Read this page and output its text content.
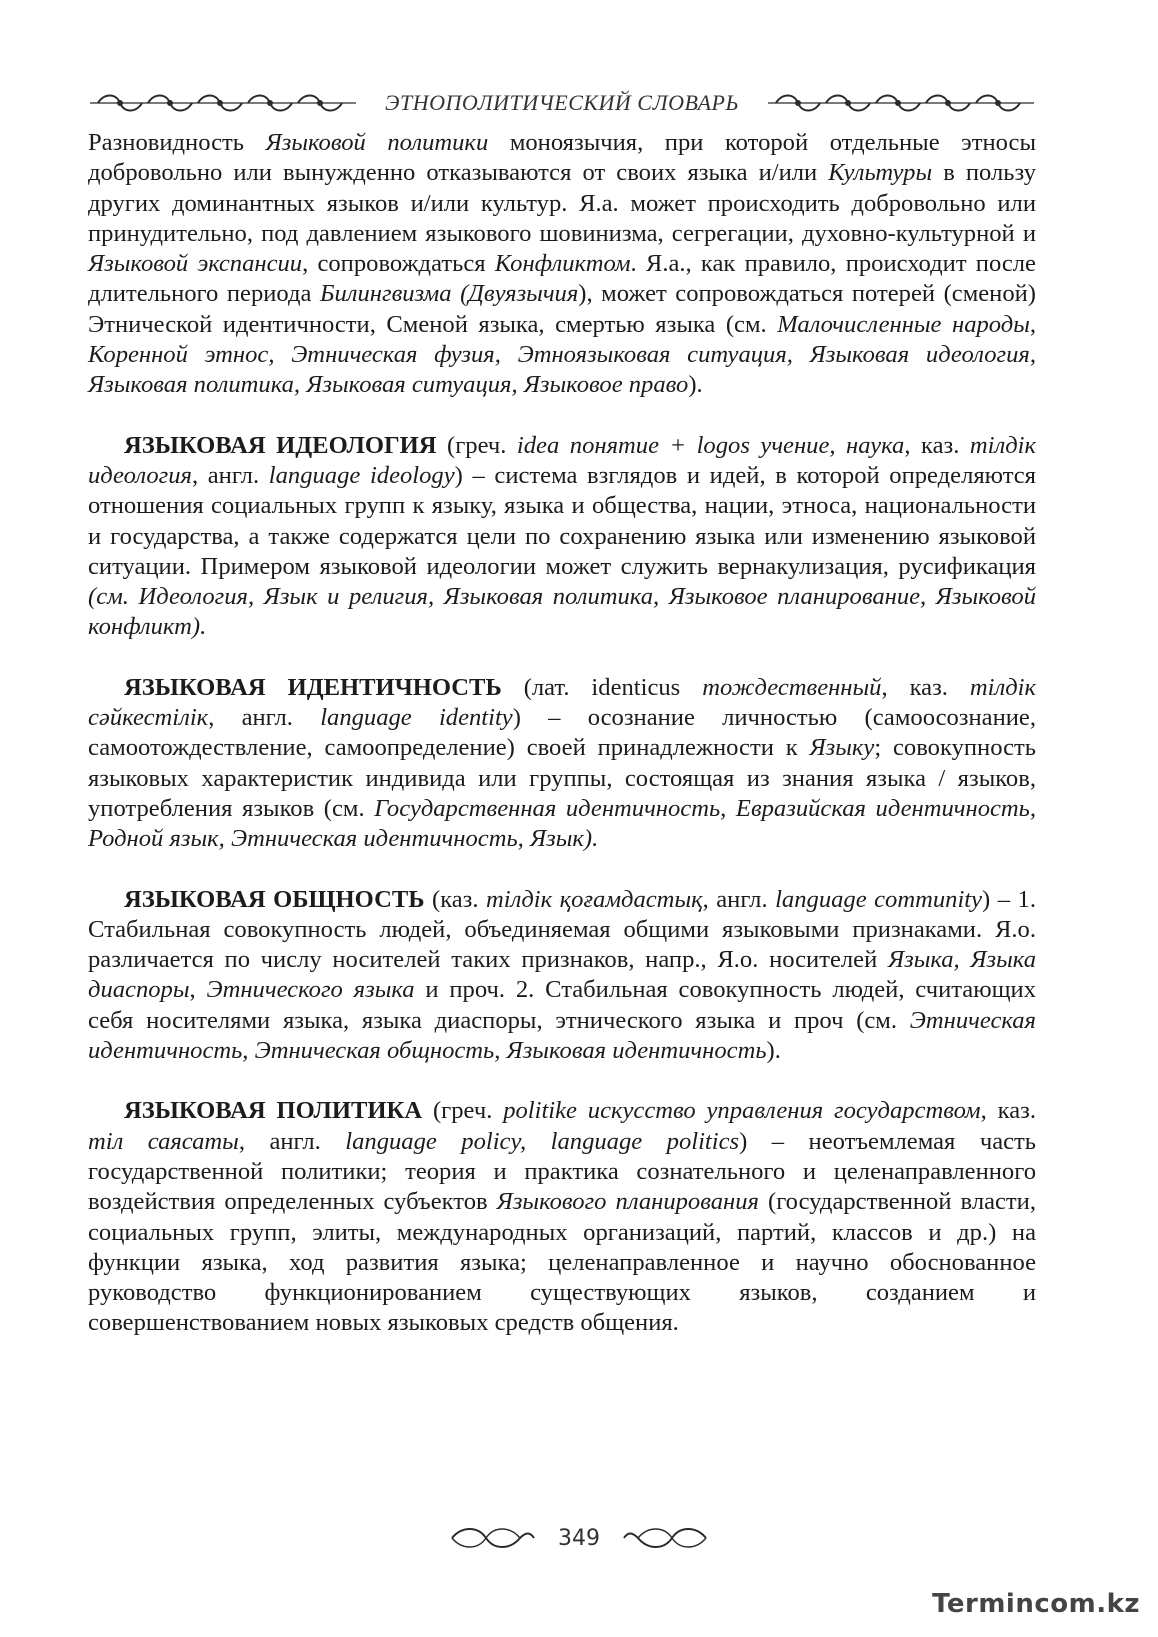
ЭТНОПОЛИТИЧЕСКИЙ СЛОВАРЬ

Разновидность Языковой политики моноязычия, при которой отдельные этносы добровольно или вынужденно отказываются от своих языка и/или Культуры в пользу других доминантных языков и/или культур. Я.а. может происходить добровольно или принудительно, под давлением языкового шовинизма, сегрегации, духовно-культурной и Языковой экспансии, сопровождаться Конфликтом. Я.а., как правило, происходит после длительного периода Билингвизма (Двуязычия), может сопровождаться потерей (сменой) Этнической идентичности, Сменой языка, смертью языка (см. Малочисленные народы, Коренной этнос, Этническая фузия, Этноязыковая ситуация, Языковая идеология, Языковая политика, Языковая ситуация, Языковое право).

ЯЗЫКОВАЯ ИДЕОЛОГИЯ (греч. idea понятие + logos учение, наука, каз. тілдік идеология, англ. language ideology) – система взглядов и идей, в которой определяются отношения социальных групп к языку, языка и общества, нации, этноса, национальности и государства, а также содержатся цели по сохранению языка или изменению языковой ситуации. Примером языковой идеологии может служить вернакулизация, русификация (см. Идеология, Язык и религия, Языковая политика, Языковое планирование, Языковой конфликт).

ЯЗЫКОВАЯ ИДЕНТИЧНОСТЬ (лат. identicus тождественный, каз. тілдік сәйкестілік, англ. language identity) – осознание личностью (самоосознание, самоотождествление, самоопределение) своей принадлежности к Языку; совокупность языковых характеристик индивида или группы, состоящая из знания языка / языков, употребления языков (см. Государственная идентичность, Евразийская идентичность, Родной язык, Этническая идентичность, Язык).

ЯЗЫКОВАЯ ОБЩНОСТЬ (каз. тілдік қоғамдастық, англ. language community) – 1. Стабильная совокупность людей, объединяемая общими языковыми признаками. Я.о. различается по числу носителей таких признаков, напр., Я.о. носителей Языка, Языка диаспоры, Этнического языка и проч. 2. Стабильная совокупность людей, считающих себя носителями языка, языка диаспоры, этнического языка и проч (см. Этническая идентичность, Этническая общность, Языковая идентичность).

ЯЗЫКОВАЯ ПОЛИТИКА (греч. politike искусство управления государством, каз. тіл саясаты, англ. language policy, language politics) – неотъемлемая часть государственной политики; теория и практика сознательного и целенаправленного воздействия определенных субъектов Языкового планирования (государственной власти, социальных групп, элиты, международных организаций, партий, классов и др.) на функции языка, ход развития языка; целенаправленное и научно обоснованное руководство функционированием существующих языков, созданием и совершенствованием новых языковых средств общения.

349
Termincom.kz
